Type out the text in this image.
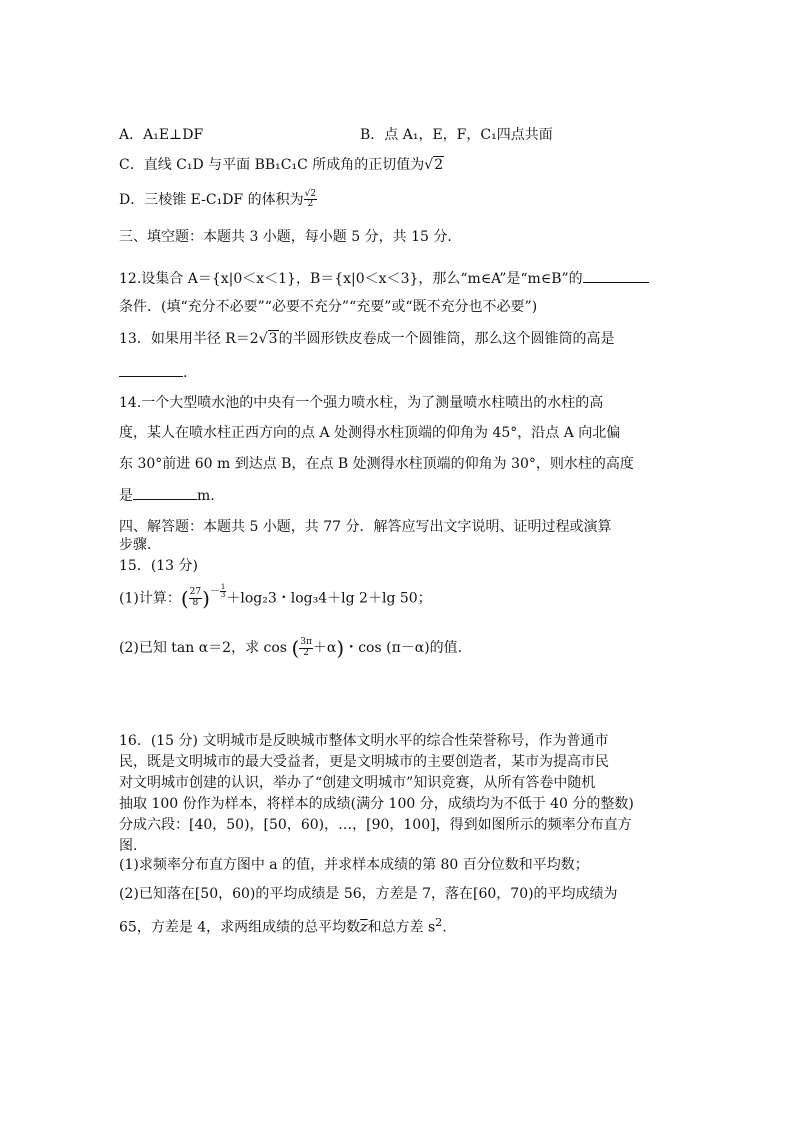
A．A₁E⊥DF	B．点 A₁，E，F，C₁四点共面
C．直线 C₁D 与平面 BB₁C₁C 所成角的正切值为√2
D．三棱锥 E-C₁DF 的体积为 $\frac{√2}{2}$
三、填空题：本题共 3 小题，每小题 5 分，共 15 分．
12.设集合 A＝{x|0＜x＜1}，B＝{x|0＜x＜3}，那么“m∈A”是“m∈B”的
条件．(填“充分不必要”“必要不充分”“充要”或“既不充分也不必要”)
13．如果用半径 R＝2√3的半圆形铁皮卷成一个圆锥筒，那么这个圆锥筒的高是
.
14.一个大型喷水池的中央有一个强力喷水柱，为了测量喷水柱喷出的水柱的高
度，某人在喷水柱正西方向的点 A 处测得水柱顶端的仰角为 45°，沿点 A 向北偏
东 30°前进 60 m 到达点 B，在点 B 处测得水柱顶端的仰角为 30°，则水柱的高度
是	m.
四、解答题：本题共 5 小题，共 77 分．解答应写出文字说明、证明过程或演算
步骤．
15．(13 分)
(1)计算：( $\frac{27}{8} )^{- \frac{1}{3}} +\log_23$・log₃4＋lg 2＋lg 50；
(2)已知 tan α＝2，求 cos ( $\frac{3\pi}{2} +\alpha$)・cos (π－α)的值.
16．(15 分) 文明城市是反映城市整体文明水平的综合性荣誉称号，作为普通市
民，既是文明城市的最大受益者，更是文明城市的主要创造者，某市为提高市民
对文明城市创建的认识，举办了“创建文明城市”知识竞赛，从所有答卷中随机
抽取 100 份作为样本，将样本的成绩(满分 100 分，成绩均为不低于 40 分的整数)
分成六段：[40，50)，[50，60)，…，[90，100]，得到如图所示的频率分布直方
图.
(1)求频率分布直方图中 a 的值，并求样本成绩的第 80 百分位数和平均数；
(2)已知落在[50，60)的平均成绩是 56，方差是 7，落在[60，70)的平均成绩为
65，方差是 4，求两组成绩的总平均数$\overline{z}$和总方差 $s^2$.
